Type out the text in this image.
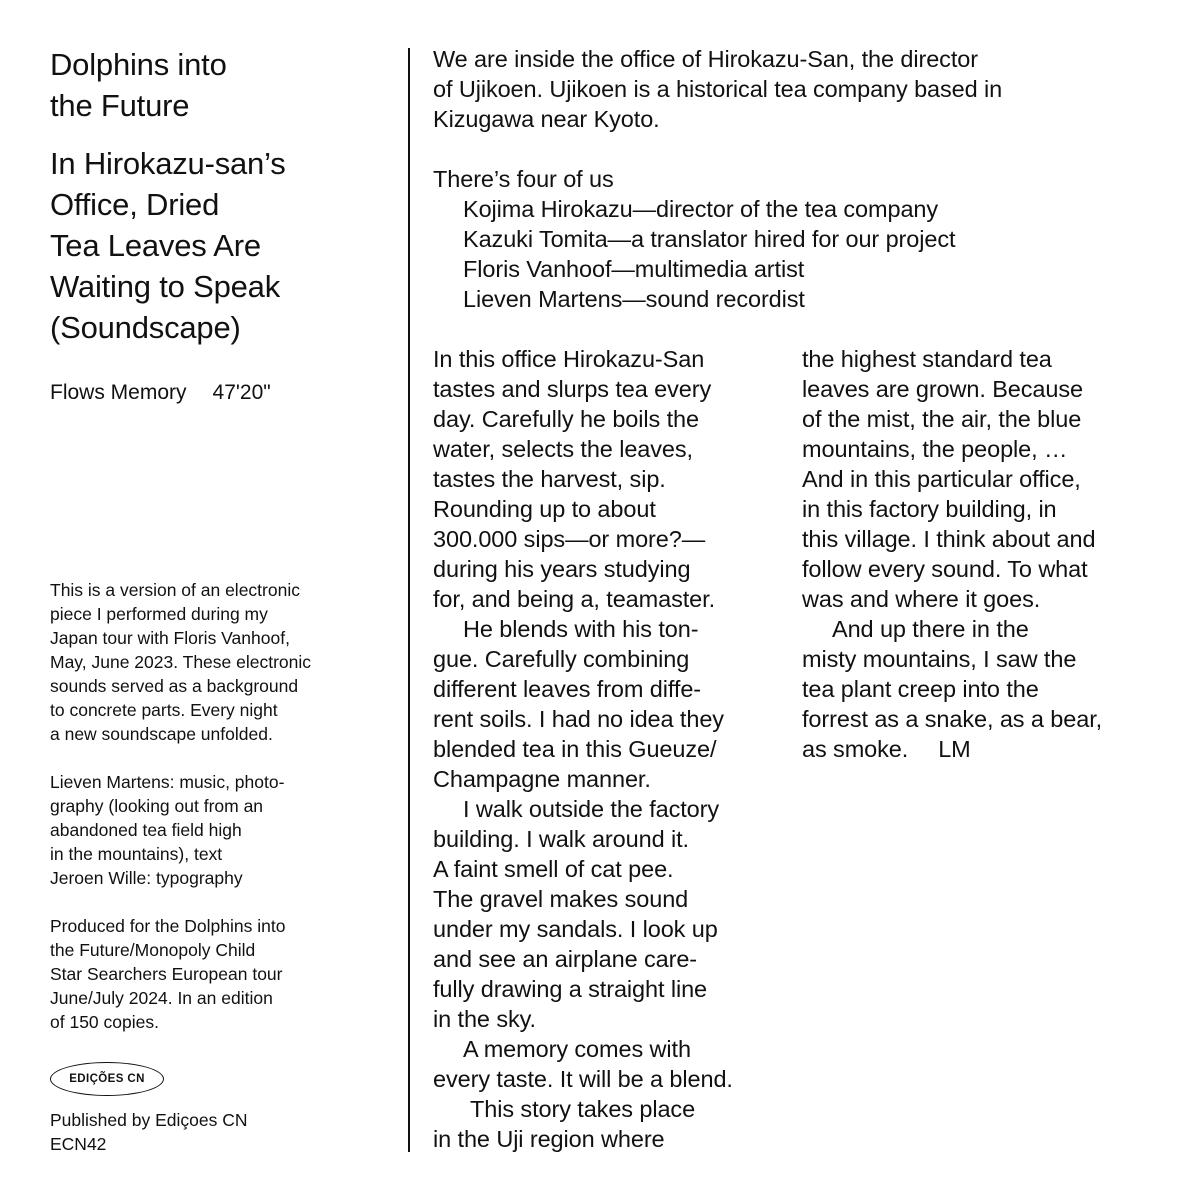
Dolphins into
the Future
In Hirokazu-san’s
Office, Dried
Tea Leaves Are
Waiting to Speak
(Soundscape)
Flows Memory 47'20"

This is a version of an electronic
piece I performed during my
Japan tour with Floris Vanhoof,
May, June 2023. These electronic
sounds served as a background
to concrete parts. Every night
a new soundscape unfolded.

Lieven Martens: music, photo-
graphy (looking out from an
abandoned tea field high
in the mountains), text
Jeroen Wille: typography

Produced for the Dolphins into
the Future/Monopoly Child
Star Searchers European tour
June/July 2024. In an edition
of 150 copies.

EDIÇÕES CN
Published by Ediçoes CN
ECN42
We are inside the office of Hirokazu-San, the director
of Ujikoen. Ujikoen is a historical tea company based in
Kizugawa near Kyoto.
There’s four of us
Kojima Hirokazu—director of the tea company
Kazuki Tomita—a translator hired for our project
Floris Vanhoof—multimedia artist
Lieven Martens—sound recordist
In this office Hirokazu-San
tastes and slurps tea every
day. Carefully he boils the
water, selects the leaves,
tastes the harvest, sip.
Rounding up to about
300.000 sips—or more?—
during his years studying
for, and being a, teamaster.
He blends with his ton-
gue. Carefully combining
different leaves from diffe-
rent soils. I had no idea they
blended tea in this Gueuze/
Champagne manner.
I walk outside the factory
building. I walk around it.
A faint smell of cat pee.
The gravel makes sound
under my sandals. I look up
and see an airplane care-
fully drawing a straight line
in the sky.
A memory comes with
every taste. It will be a blend.
This story takes place
in the Uji region where
the highest standard tea
leaves are grown. Because
of the mist, the air, the blue
mountains, the people, …
And in this particular office,
in this factory building, in
this village. I think about and
follow every sound. To what
was and where it goes.
And up there in the
misty mountains, I saw the
tea plant creep into the
forrest as a snake, as a bear,
as smoke. LM
